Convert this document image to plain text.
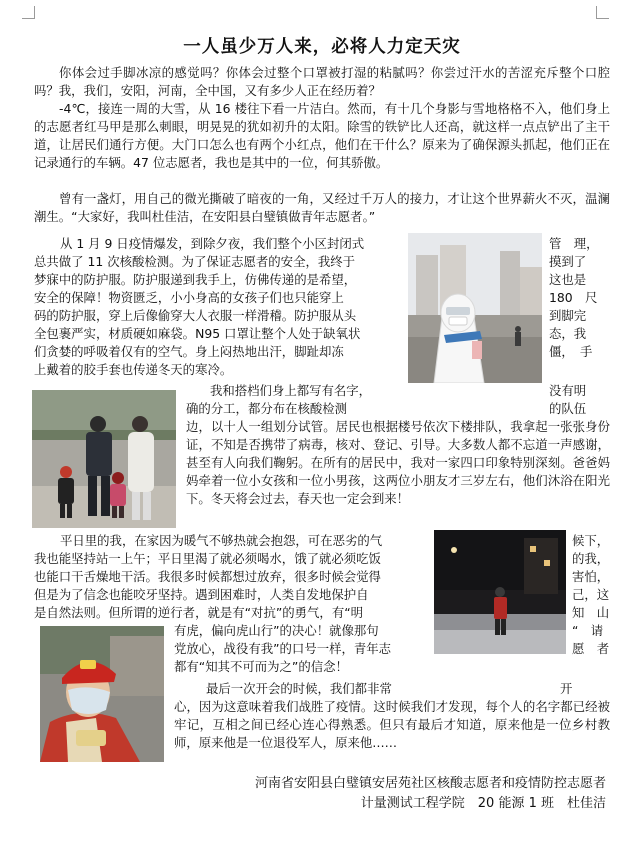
一人虽少万人来，必将人力定天灾
你体会过手脚冰凉的感觉吗？你体会过整个口罩被打湿的粘腻吗？你尝过汗水的苦涩充斥整个口腔吗？我，我们，安阳，河南，全中国，又有多少人正在经历着？
-4℃，接连一周的大雪，从 16 楼往下看一片洁白。然而，有十几个身影与雪地格格不入，他们身上的志愿者红马甲是那么刺眼，明晃晃的犹如初升的太阳。除雪的铁铲比人还高，就这样一点点铲出了主干道，让居民们通行方便。大门口怎么也有两个小红点，他们在干什么？原来为了确保源头抓起，他们正在记录通行的车辆。47 位志愿者，我也是其中的一位，何其骄傲。
曾有一盏灯，用自己的微光撕破了暗夜的一角，又经过千万人的接力，才让这个世界薪火不灭，温澜潮生。“大家好，我叫杜佳洁，在安阳县白璧镇做青年志愿者。”
从 1 月 9 日疫情爆发，到除夕夜，我们整个小区封闭式	管　理，
总共做了 11 次核酸检测。为了保证志愿者的安全，我终于	摸到了
梦寐中的防护服。防护服递到我手上，仿佛传递的是希望，	这也是
安全的保障！物资匮乏，小小身高的女孩子们也只能穿上	180　尺
码的防护服，穿上后像偷穿大人衣服一样滑稽。防护服从头	到脚完
全包裹严实，材质硬如麻袋。N95 口罩让整个人处于缺氧状	态，我
们贪婪的呼吸着仅有的空气。身上闷热地出汗，脚趾却冻	僵，　手
上戴着的胶手套也传递冬天的寒冷。
我和搭档们身上都写有名字，	没有明
确的分工，都分布在核酸检测	的队伍
边，以十人一组划分试管。居民也根据楼号依次下楼排队，我拿起一张张身份证，不知是否携带了病毒，核对、登记、引导。大多数人都不忘道一声感谢，甚至有人向我们鞠躬。在所有的居民中，我对一家四口印象特别深刻。爸爸妈妈牵着一位小女孩和一位小男孩，这两位小朋友才三岁左右，他们沐浴在阳光下。冬天将会过去，春天也一定会到来！
平日里的我，在家因为暖气不够热就会抱怨，可在恶劣的气	候下，
我也能坚持站一上午；平日里渴了就必须喝水，饿了就必须吃饭	的我，
也能口干舌燥地干活。我很多时候都想过放弃，很多时候会觉得	害怕，
但是为了信念也能咬牙坚持。遇到困难时，人类自发地保护自	己，这
是自然法则。但所谓的逆行者，就是有“对抗”的勇气，有“明	知　山
有虎，偏向虎山行”的决心！就像那句	“　请
党放心，战役有我”的口号一样，青年志	愿　者
都有“知其不可而为之”的信念！
最后一次开会的时候，我们都非常	开
心，因为这意味着我们战胜了疫情。这时候我们才发现，每个人的名字都已经被牢记，互相之间已经心连心得熟悉。但只有最后才知道，原来他是一位乡村教师，原来他是一位退役军人，原来他……
河南省安阳县白璧镇安居苑社区核酸志愿者和疫情防控志愿者
计量测试工程学院　20 能源 1 班　杜佳洁
